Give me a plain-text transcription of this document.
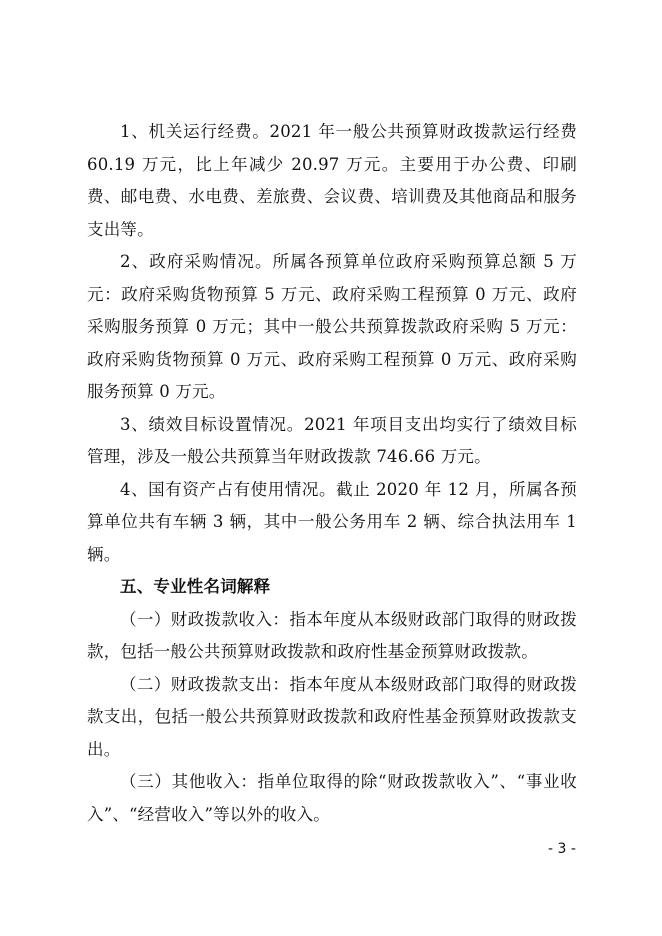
1、机关运行经费。2021 年一般公共预算财政拨款运行经费 60.19 万元，比上年减少 20.97 万元。主要用于办公费、印刷费、邮电费、水电费、差旅费、会议费、培训费及其他商品和服务支出等。

2、政府采购情况。所属各预算单位政府采购预算总额 5 万元：政府采购货物预算 5 万元、政府采购工程预算 0 万元、政府采购服务预算 0 万元；其中一般公共预算拨款政府采购 5 万元：政府采购货物预算 0 万元、政府采购工程预算 0 万元、政府采购服务预算 0 万元。

3、绩效目标设置情况。2021 年项目支出均实行了绩效目标管理，涉及一般公共预算当年财政拨款 746.66 万元。

4、国有资产占有使用情况。截止 2020 年 12 月，所属各预算单位共有车辆 3 辆，其中一般公务用车 2 辆、综合执法用车 1 辆。

五、专业性名词解释

（一）财政拨款收入：指本年度从本级财政部门取得的财政拨款，包括一般公共预算财政拨款和政府性基金预算财政拨款。

（二）财政拨款支出：指本年度从本级财政部门取得的财政拨款支出，包括一般公共预算财政拨款和政府性基金预算财政拨款支出。

（三）其他收入：指单位取得的除“财政拨款收入”、“事业收入”、“经营收入”等以外的收入。

- 3 -
